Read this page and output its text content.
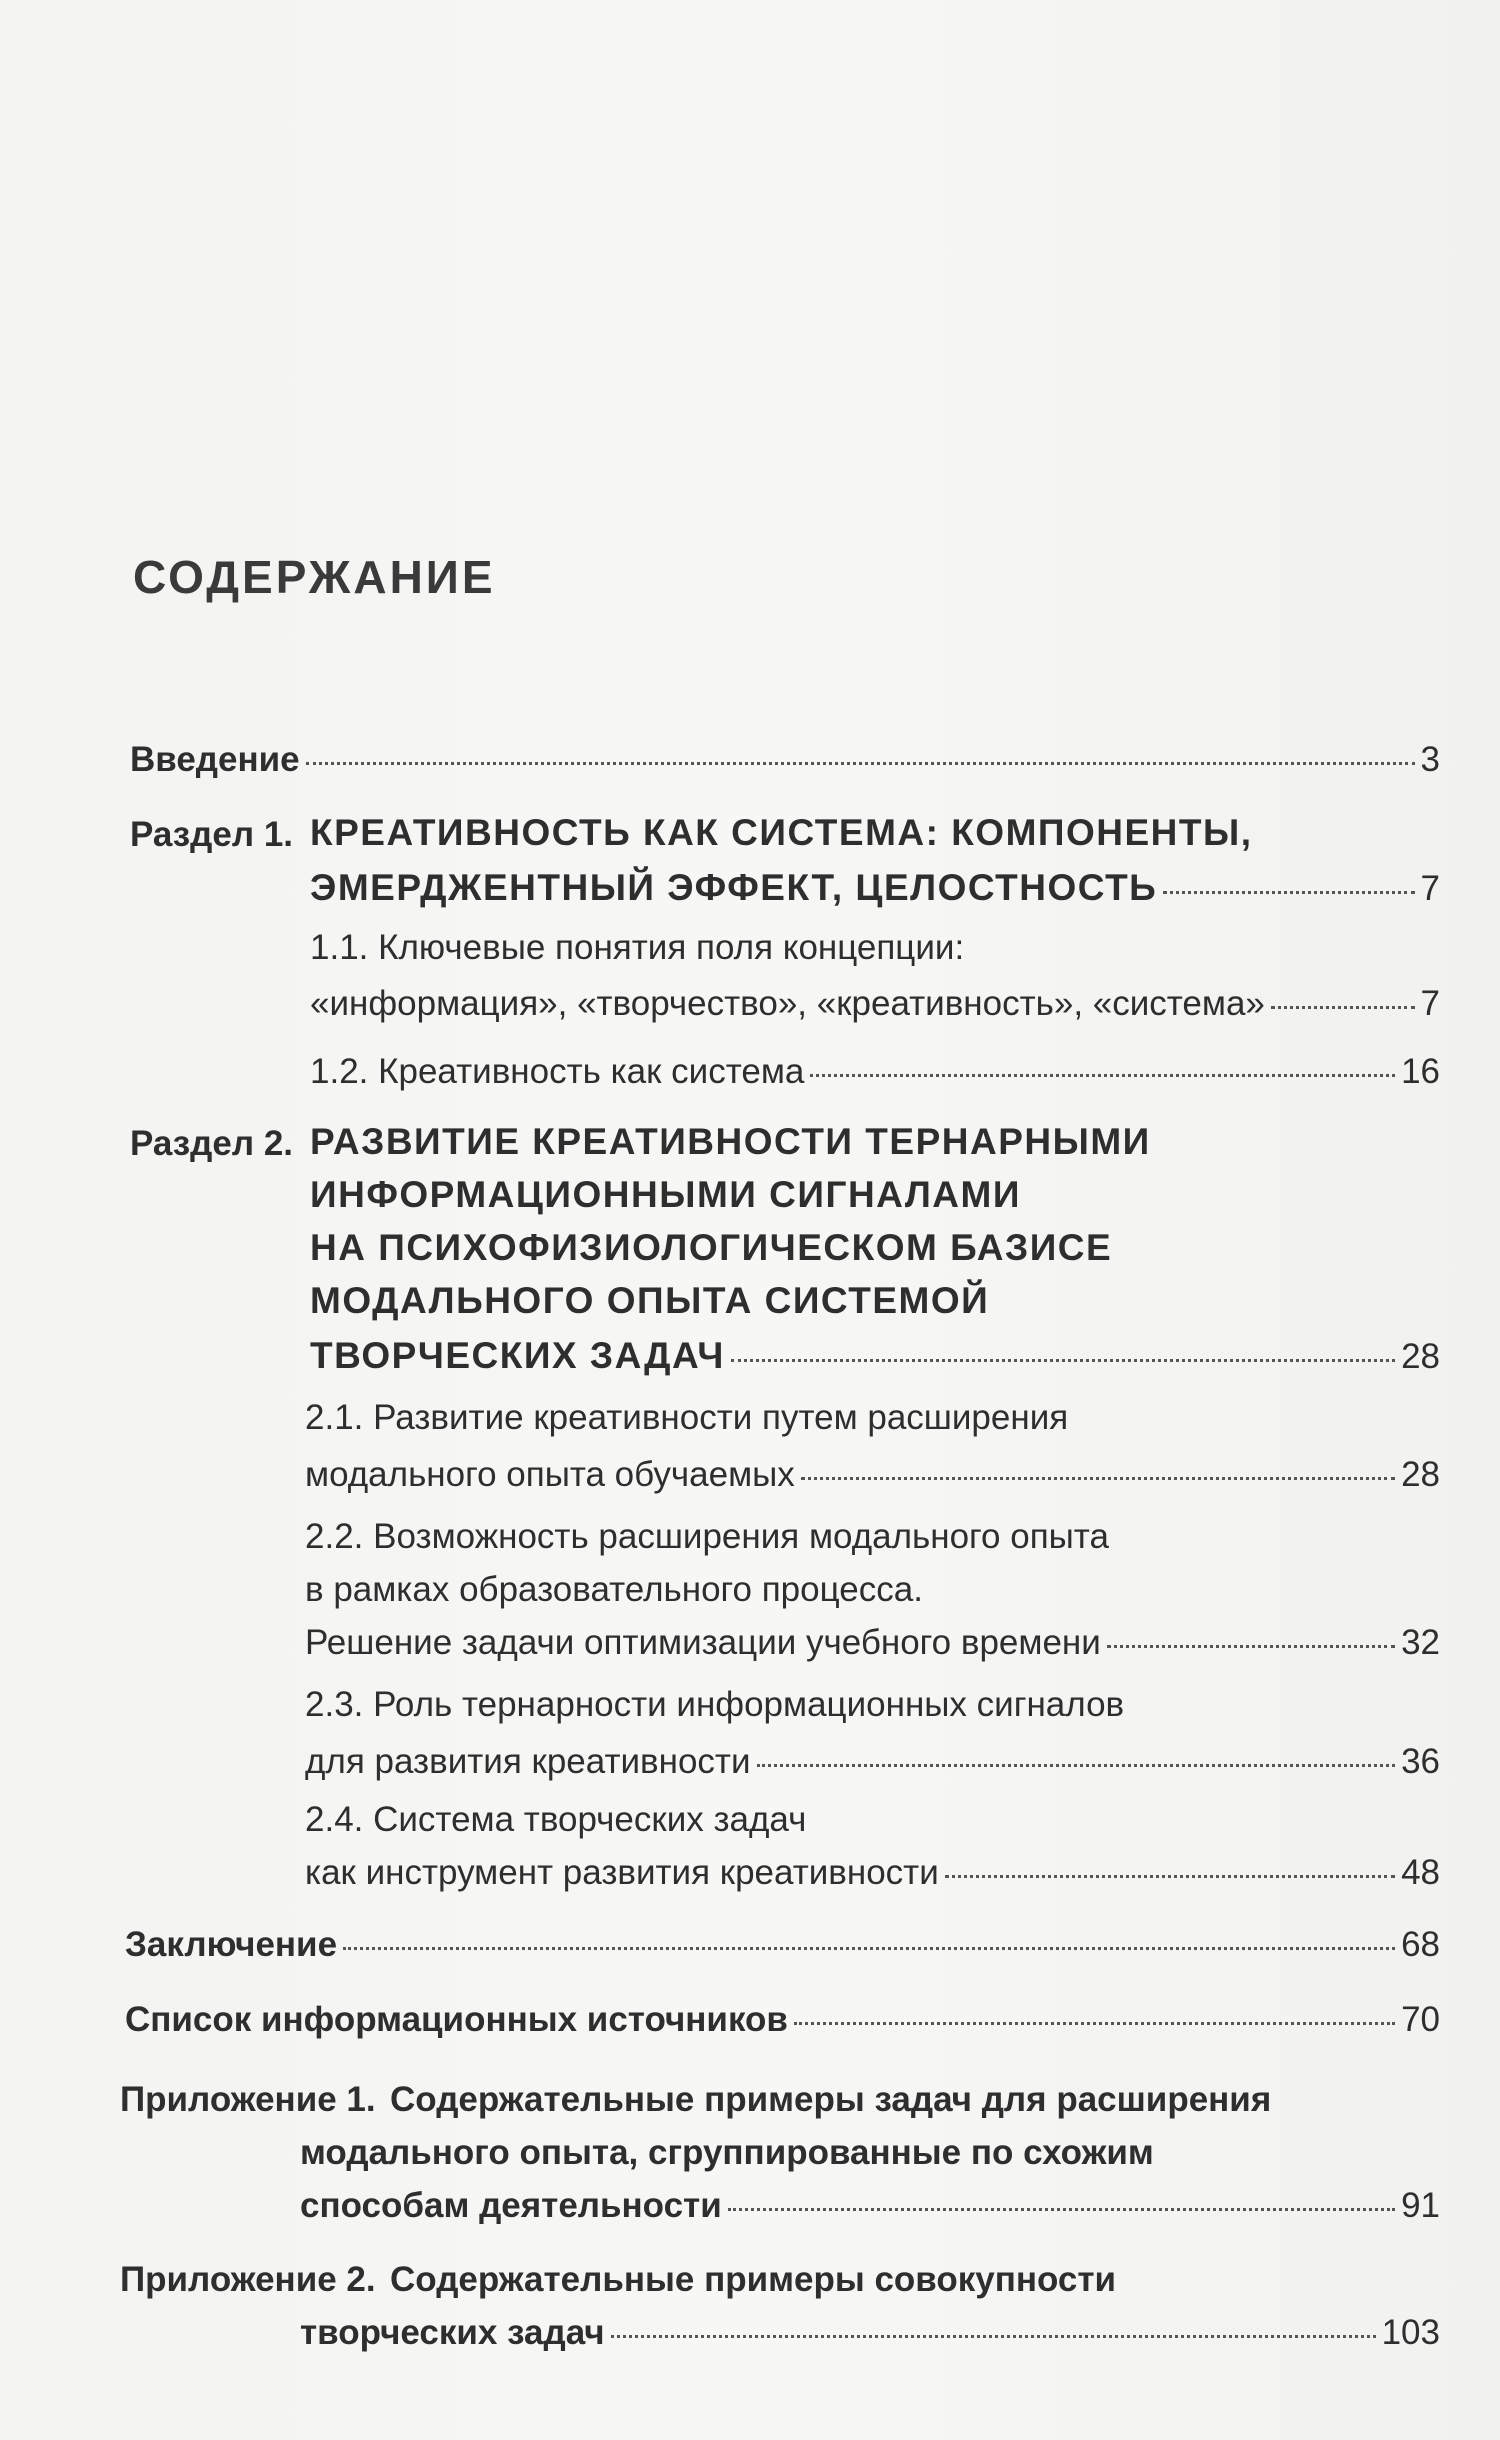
СОДЕРЖАНИЕ
Введение	3
Раздел 1. КРЕАТИВНОСТЬ КАК СИСТЕМА: КОМПОНЕНТЫ,
ЭМЕРДЖЕНТНЫЙ ЭФФЕКТ, ЦЕЛОСТНОСТЬ	7
1.1. Ключевые понятия поля концепции:
«информация», «творчество», «креативность», «система»	7
1.2. Креативность как система	16
Раздел 2. РАЗВИТИЕ КРЕАТИВНОСТИ ТЕРНАРНЫМИ
ИНФОРМАЦИОННЫМИ СИГНАЛАМИ
НА ПСИХОФИЗИОЛОГИЧЕСКОМ БАЗИСЕ
МОДАЛЬНОГО ОПЫТА СИСТЕМОЙ
ТВОРЧЕСКИХ ЗАДАЧ	28
2.1. Развитие креативности путем расширения
модального опыта обучаемых	28
2.2. Возможность расширения модального опыта
в рамках образовательного процесса.
Решение задачи оптимизации учебного времени	32
2.3. Роль тернарности информационных сигналов
для развития креативности	36
2.4. Система творческих задач
как инструмент развития креативности	48
Заключение	68
Список информационных источников	70
Приложение 1. Содержательные примеры задач для расширения
модального опыта, сгруппированные по схожим
способам деятельности	91
Приложение 2. Содержательные примеры совокупности
творческих задач	103
